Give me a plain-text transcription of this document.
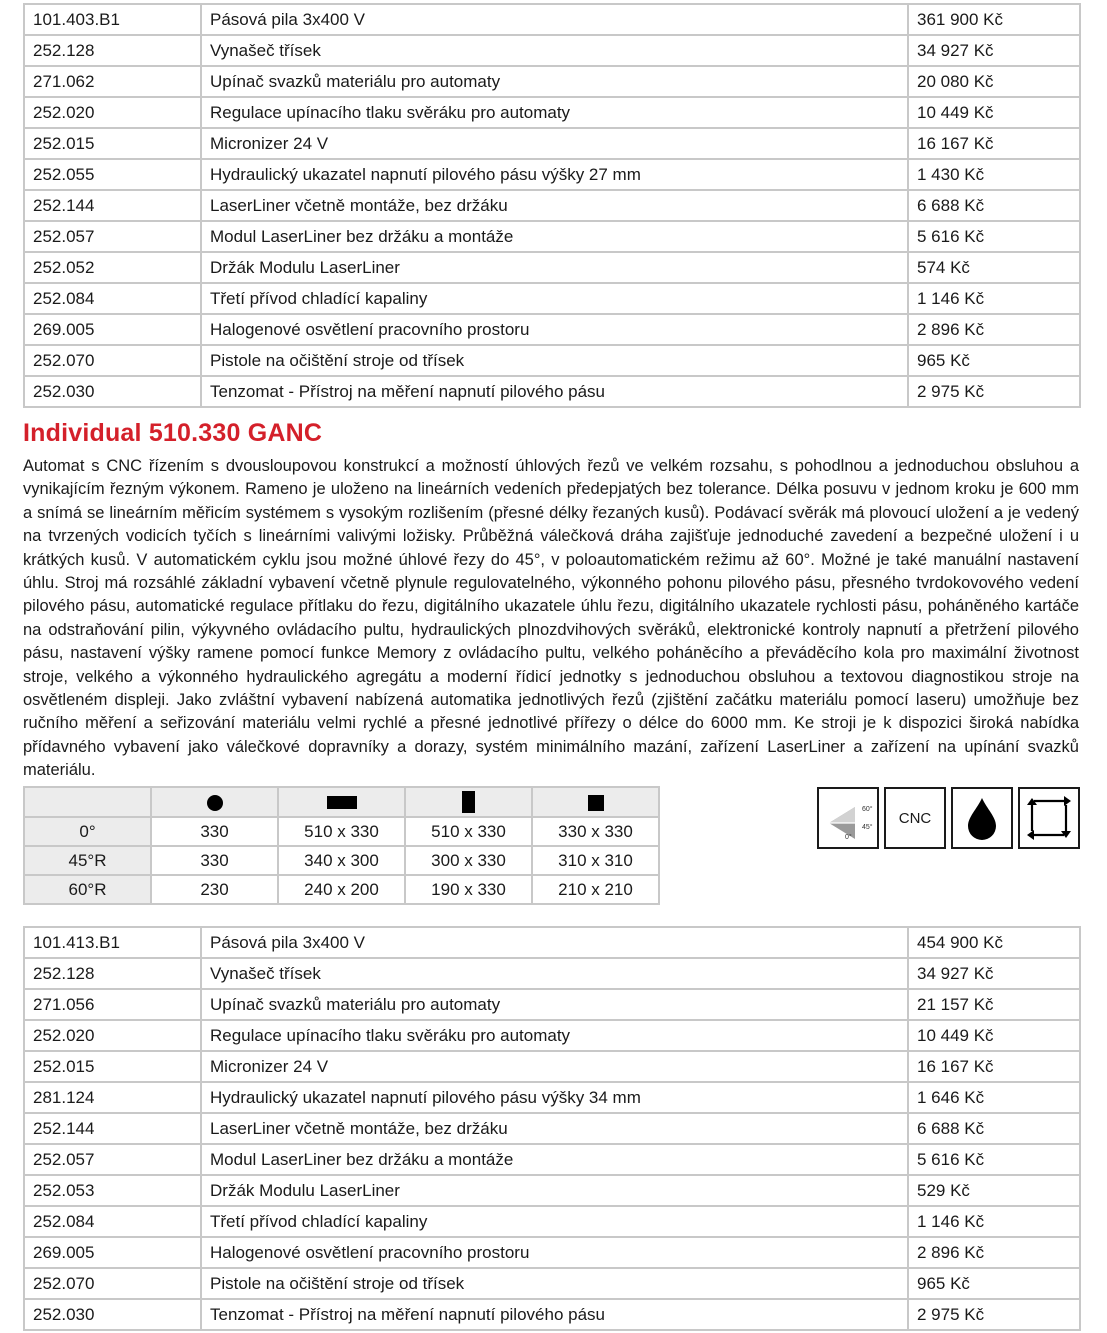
101.403.B1	Pásová pila 3x400 V	361 900 Kč
252.128	Vynašeč třísek	34 927 Kč
271.062	Upínač svazků materiálu pro automaty	20 080 Kč
252.020	Regulace upínacího tlaku svěráku pro automaty	10 449 Kč
252.015	Micronizer 24 V	16 167 Kč
252.055	Hydraulický ukazatel napnutí pilového pásu výšky 27 mm	1 430 Kč
252.144	LaserLiner včetně montáže, bez držáku	6 688 Kč
252.057	Modul LaserLiner bez držáku a montáže	5 616 Kč
252.052	Držák Modulu LaserLiner	574 Kč
252.084	Třetí přívod chladící kapaliny	1 146 Kč
269.005	Halogenové osvětlení pracovního prostoru	2 896 Kč
252.070	Pistole na očištění stroje od třísek	965 Kč
252.030	Tenzomat - Přístroj na měření napnutí pilového pásu	2 975 Kč
Individual 510.330 GANC

Automat s CNC řízením s dvousloupovou konstrukcí a možností úhlových řezů ve velkém rozsahu, s pohodlnou a jednoduchou obsluhou a vynikajícím řezným výkonem. Rameno je uloženo na lineárních vedeních předepjatých bez tolerance. Délka posuvu v jednom kroku je 600 mm a snímá se lineárním měřicím systémem s vysokým rozlišením (přesné délky řezaných kusů). Podávací svěrák má plovoucí uložení a je vedený na tvrzených vodicích tyčích s lineárními valivými ložisky. Průběžná válečková dráha zajišťuje jednoduché zavedení a bezpečné uložení i u krátkých kusů. V automatickém cyklu jsou možné úhlové řezy do 45°, v poloautomatickém režimu až 60°. Možné je také manuální nastavení úhlu. Stroj má rozsáhlé základní vybavení včetně plynule regulovatelného, výkonného pohonu pilového pásu, přesného tvrdokovového vedení pilového pásu, automatické regulace přítlaku do řezu, digitálního ukazatele úhlu řezu, digitálního ukazatele rychlosti pásu, poháněného kartáče na odstraňování pilin, výkyvného ovládacího pultu, hydraulických plnozdvihových svěráků, elektronické kontroly napnutí a přetržení pilového pásu, nastavení výšky ramene pomocí funkce Memory z ovládacího pultu, velkého poháněcího a převáděcího kola pro maximální životnost stroje, velkého a výkonného hydraulického agregátu a moderní řídicí jednotky s jednoduchou obsluhou a textovou diagnostikou stroje na osvětleném displeji. Jako zvláštní vybavení nabízená automatika jednotlivých řezů (zjištění začátku materiálu pomocí laseru) umožňuje bez ručního měření a seřizování materiálu velmi rychlé a přesné jednotlivé přířezy o délce do 6000 mm. Ke stroji je k dispozici široká nabídka přídavného vybavení jako válečkové dopravníky a dorazy, systém minimálního mazání, zařízení LaserLiner a zařízení na upínání svazků materiálu.

0°	330	510 x 330	510 x 330	330 x 330
45°R	330	340 x 300	300 x 330	310 x 310
60°R	230	240 x 200	190 x 330	210 x 210
60°
45°
0°
CNC
101.413.B1	Pásová pila 3x400 V	454 900 Kč
252.128	Vynašeč třísek	34 927 Kč
271.056	Upínač svazků materiálu pro automaty	21 157 Kč
252.020	Regulace upínacího tlaku svěráku pro automaty	10 449 Kč
252.015	Micronizer 24 V	16 167 Kč
281.124	Hydraulický ukazatel napnutí pilového pásu výšky 34 mm	1 646 Kč
252.144	LaserLiner včetně montáže, bez držáku	6 688 Kč
252.057	Modul LaserLiner bez držáku a montáže	5 616 Kč
252.053	Držák Modulu LaserLiner	529 Kč
252.084	Třetí přívod chladící kapaliny	1 146 Kč
269.005	Halogenové osvětlení pracovního prostoru	2 896 Kč
252.070	Pistole na očištění stroje od třísek	965 Kč
252.030	Tenzomat - Přístroj na měření napnutí pilového pásu	2 975 Kč
